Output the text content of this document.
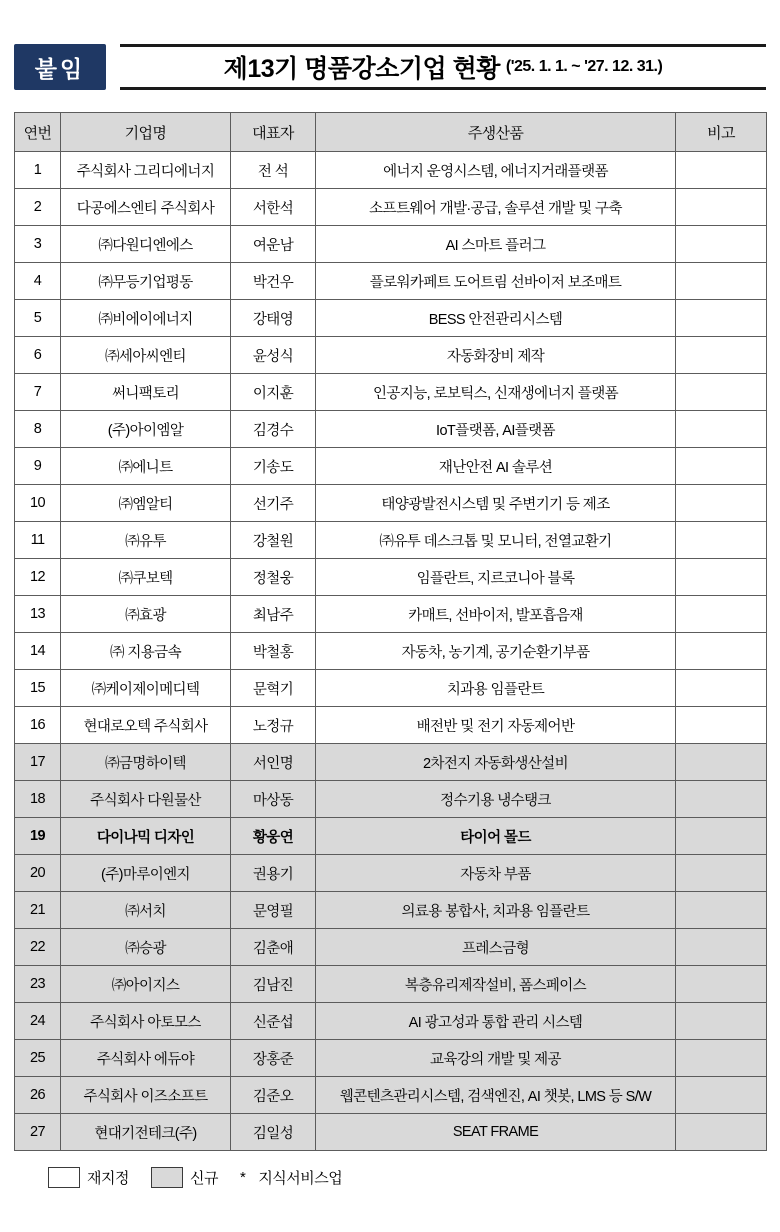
붙임	제13기 명품강소기업 현황 ('25. 1. 1. ~ '27. 12. 31.)
연번	기업명	대표자	주생산품	비고
1	주식회사 그리디에너지	전 석	에너지 운영시스템, 에너지거래플랫폼	
2	다공에스엔티 주식회사	서한석	소프트웨어 개발·공급, 솔루션 개발 및 구축	
3	㈜다원디엔에스	여운남	AI 스마트 플러그	
4	㈜무등기업평동	박건우	플로워카페트 도어트림 선바이저 보조매트	
5	㈜비에이에너지	강태영	BESS 안전관리시스템	
6	㈜세아씨엔티	윤성식	자동화장비 제작	
7	써니팩토리	이지훈	인공지능, 로보틱스, 신재생에너지 플랫폼	
8	(주)아이엠알	김경수	IoT플랫폼, AI플랫폼	
9	㈜에니트	기송도	재난안전 AI 솔루션	
10	㈜엠알티	선기주	태양광발전시스템 및 주변기기 등 제조	
11	㈜유투	강철원	㈜유투 데스크톱 및 모니터, 전열교환기	
12	㈜쿠보텍	정철웅	임플란트, 지르코니아 블록	
13	㈜효광	최남주	카매트, 선바이저, 발포흡음재	
14	㈜ 지용금속	박철홍	자동차, 농기계, 공기순환기부품	
15	㈜케이제이메디텍	문혁기	치과용 임플란트	
16	현대로오텍 주식회사	노정규	배전반 및 전기 자동제어반	
17	㈜금명하이텍	서인명	2차전지 자동화생산설비	
18	주식회사 다원물산	마상동	정수기용 냉수탱크	
19	다이나믹 디자인	황웅연	타이어 몰드	
20	(주)마루이엔지	권용기	자동차 부품	
21	㈜서치	문영필	의료용 봉합사, 치과용 임플란트	
22	㈜승광	김춘애	프레스금형	
23	㈜아이지스	김남진	복층유리제작설비, 폼스페이스	
24	주식회사 아토모스	신준섭	AI 광고성과 통합 관리 시스템	
25	주식회사 에듀야	장홍준	교육강의 개발 및 제공	
26	주식회사 이즈소프트	김준오	웹콘텐츠관리시스템, 검색엔진, AI 챗봇, LMS 등 S/W	
27	현대기전테크(주)	김일성	SEAT FRAME	
재지정	신규 * 지식서비스업
